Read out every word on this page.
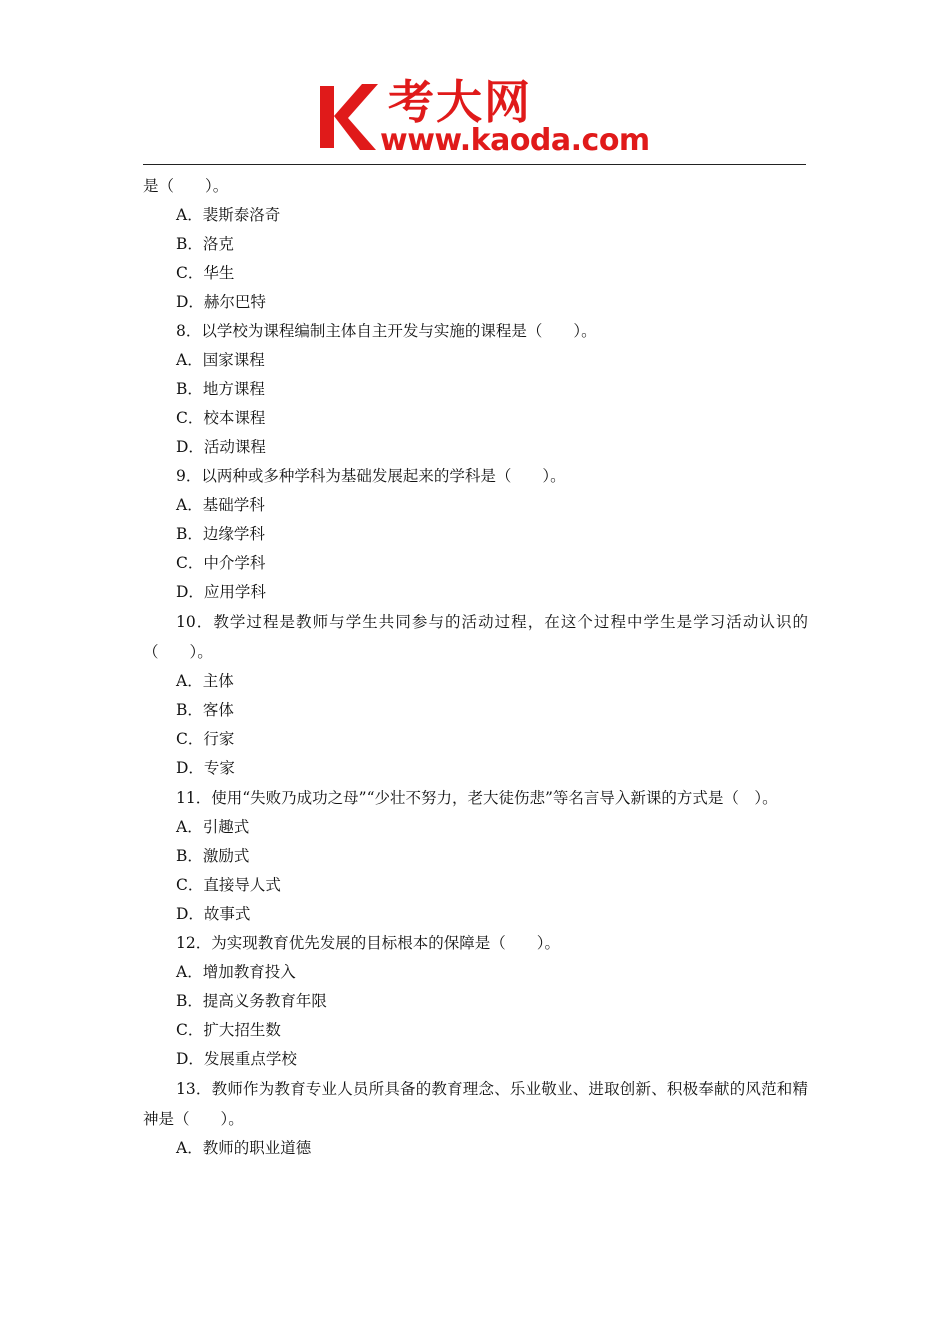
考大网
www.kaoda.com
是（　　）。
A．裴斯泰洛奇
B．洛克
C．华生
D．赫尔巴特
8．以学校为课程编制主体自主开发与实施的课程是（　　）。
A．国家课程
B．地方课程
C．校本课程
D．活动课程
9．以两种或多种学科为基础发展起来的学科是（　　）。
A．基础学科
B．边缘学科
C．中介学科
D．应用学科
10．教学过程是教师与学生共同参与的活动过程，在这个过程中学生是学习活动认识的（　　）。
A．主体
B．客体
C．行家
D．专家
11．使用“失败乃成功之母”“少壮不努力，老大徒伤悲”等名言导入新课的方式是（　）。
A．引趣式
B．激励式
C．直接导人式
D．故事式
12．为实现教育优先发展的目标根本的保障是（　　）。
A．增加教育投入
B．提高义务教育年限
C．扩大招生数
D．发展重点学校
13．教师作为教育专业人员所具备的教育理念、乐业敬业、进取创新、积极奉献的风范和精神是（　　）。
A．教师的职业道德
